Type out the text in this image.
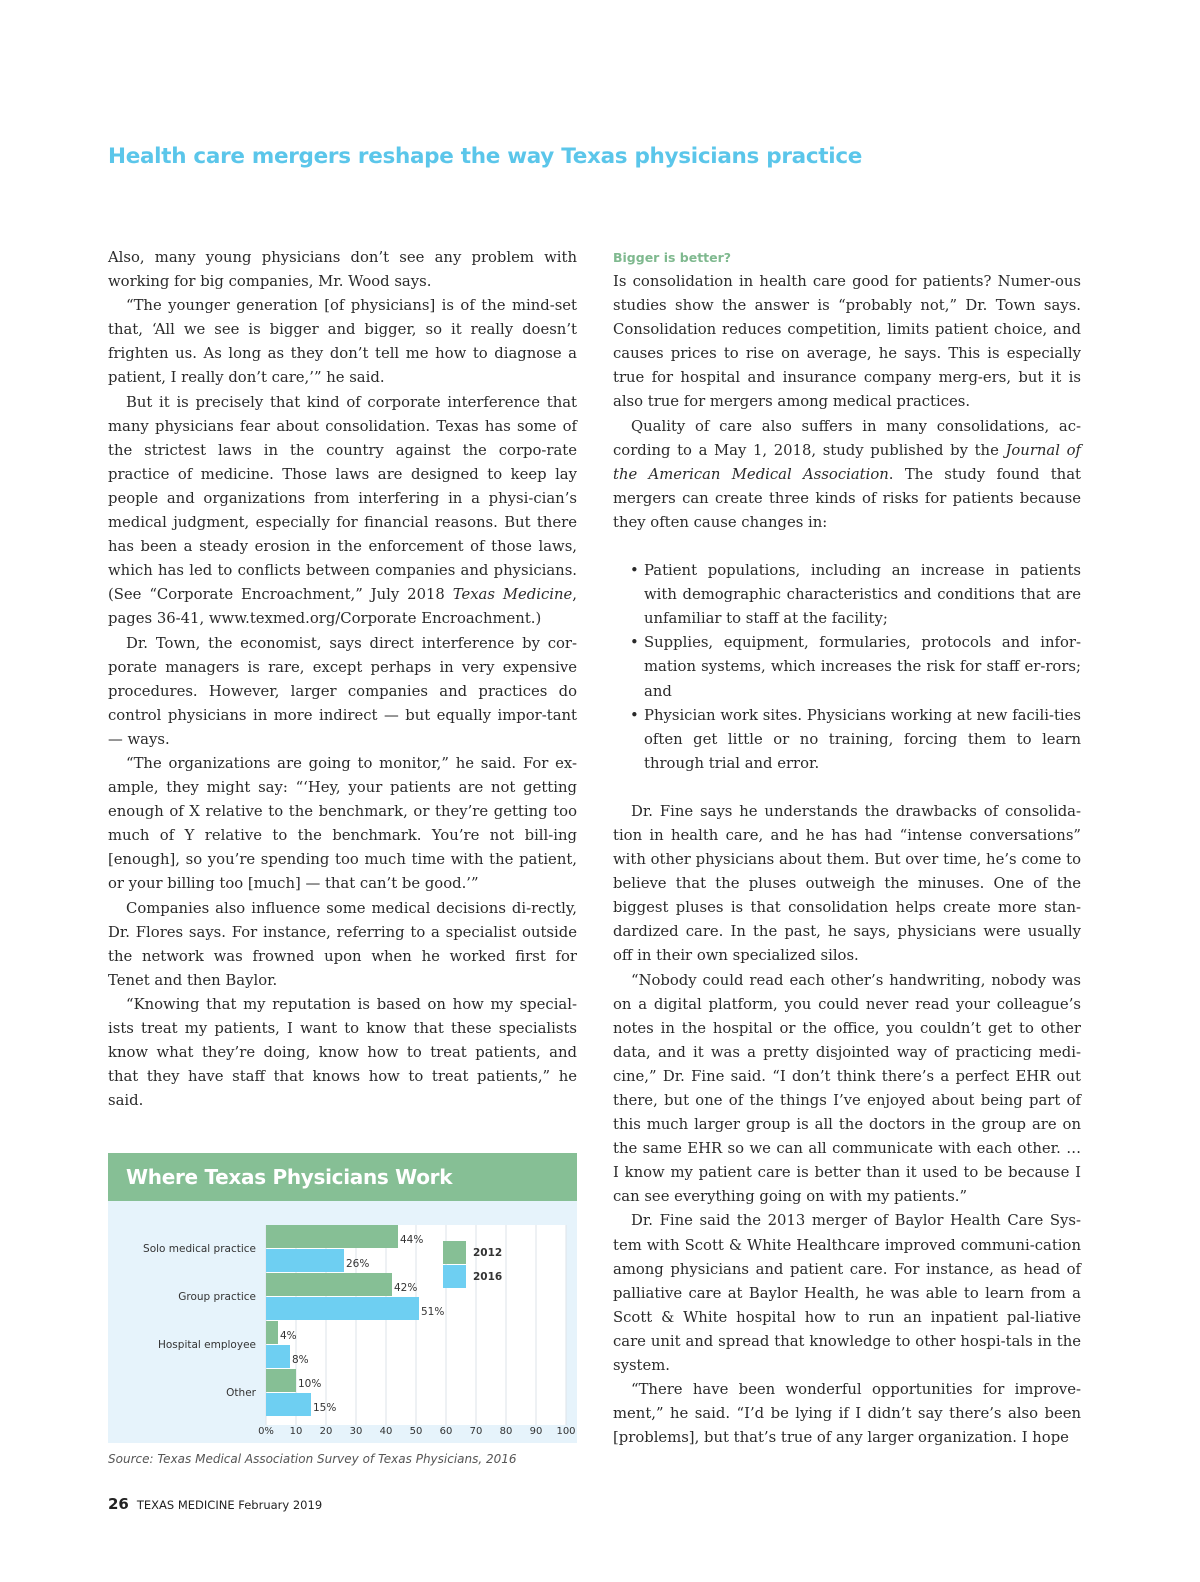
Health care mergers reshape the way Texas physicians practice

Also, many young physicians don’t see any problem with working for big companies, Mr. Wood says.

“The younger generation [of physicians] is of the mind-set that, ‘All we see is bigger and bigger, so it really doesn’t frighten us. As long as they don’t tell me how to diagnose a patient, I really don’t care,’” he said.

But it is precisely that kind of corporate interference that many physicians fear about consolidation. Texas has some of the strictest laws in the country against the corpo-rate practice of medicine. Those laws are designed to keep lay people and organizations from interfering in a physi-cian’s medical judgment, especially for financial reasons. But there has been a steady erosion in the enforcement of those laws, which has led to conflicts between companies and physicians. (See “Corporate Encroachment,” July 2018 Texas Medicine, pages 36-41, www.texmed.org/Corporate Encroachment.)

Dr. Town, the economist, says direct interference by cor-porate managers is rare, except perhaps in very expensive procedures. However, larger companies and practices do control physicians in more indirect — but equally impor-tant — ways.

“The organizations are going to monitor,” he said. For ex-ample, they might say: “‘Hey, your patients are not getting enough of X relative to the benchmark, or they’re getting too much of Y relative to the benchmark. You’re not bill-ing [enough], so you’re spending too much time with the patient, or your billing too [much] — that can’t be good.’”

Companies also influence some medical decisions di-rectly, Dr. Flores says. For instance, referring to a specialist outside the network was frowned upon when he worked first for Tenet and then Baylor.

“Knowing that my reputation is based on how my special-ists treat my patients, I want to know that these specialists know what they’re doing, know how to treat patients, and that they have staff that knows how to treat patients,” he said.

Where Texas Physicians Work
0% 10 20 30 40 50 60 70 80 90 100
Solo medical practice
44%
26%
Group practice
42%
51%
Hospital employee
4%
8%
Other
10%
15%
2012
2016
Source: Texas Medical Association Survey of Texas Physicians, 2016
Bigger is better?

Is consolidation in health care good for patients? Numer-ous studies show the answer is “probably not,” Dr. Town says. Consolidation reduces competition, limits patient choice, and causes prices to rise on average, he says. This is especially true for hospital and insurance company merg-ers, but it is also true for mergers among medical practices.

Quality of care also suffers in many consolidations, ac-cording to a May 1, 2018, study published by the Journal of the American Medical Association. The study found that mergers can create three kinds of risks for patients because they often cause changes in:

• Patient populations, including an increase in patients with demographic characteristics and conditions that are unfamiliar to staff at the facility;
• Supplies, equipment, formularies, protocols and infor-mation systems, which increases the risk for staff er-rors; and
• Physician work sites. Physicians working at new facili-ties often get little or no training, forcing them to learn through trial and error.

Dr. Fine says he understands the drawbacks of consolida-tion in health care, and he has had “intense conversations” with other physicians about them. But over time, he’s come to believe that the pluses outweigh the minuses. One of the biggest pluses is that consolidation helps create more stan-dardized care. In the past, he says, physicians were usually off in their own specialized silos.

“Nobody could read each other’s handwriting, nobody was on a digital platform, you could never read your colleague’s notes in the hospital or the office, you couldn’t get to other data, and it was a pretty disjointed way of practicing medi-cine,” Dr. Fine said. “I don’t think there’s a perfect EHR out there, but one of the things I’ve enjoyed about being part of this much larger group is all the doctors in the group are on the same EHR so we can all communicate with each other. … I know my patient care is better than it used to be because I can see everything going on with my patients.”

Dr. Fine said the 2013 merger of Baylor Health Care Sys-tem with Scott & White Healthcare improved communi-cation among physicians and patient care. For instance, as head of palliative care at Baylor Health, he was able to learn from a Scott & White hospital how to run an inpatient pal-liative care unit and spread that knowledge to other hospi-tals in the system.

“There have been wonderful opportunities for improve-ment,” he said. “I’d be lying if I didn’t say there’s also been [problems], but that’s true of any larger organization. I hope

26 TEXAS MEDICINE February 2019
